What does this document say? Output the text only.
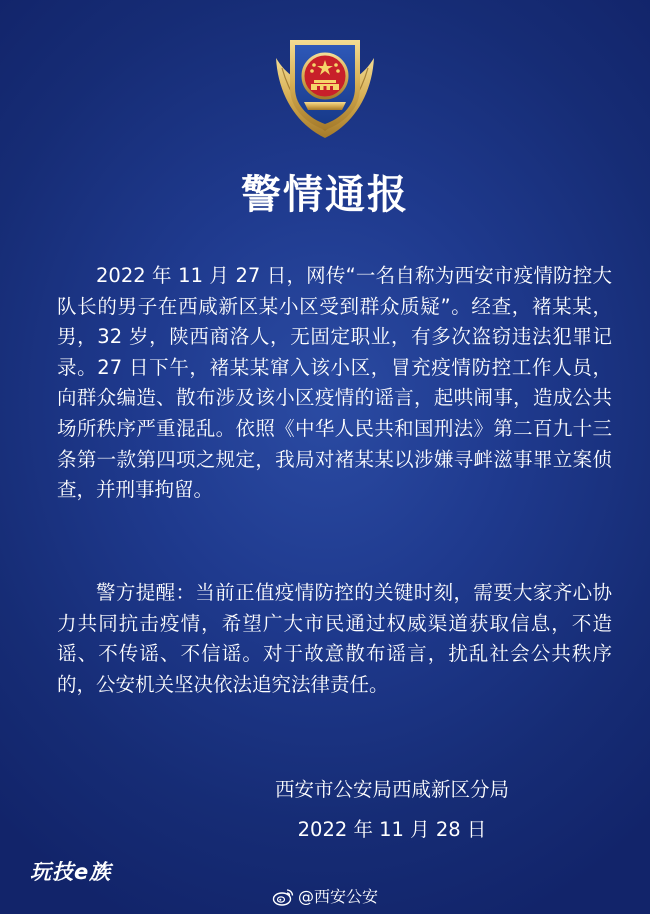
警情通报

2022 年 11 月 27 日，网传“一名自称为西安市疫情防控大队长的男子在西咸新区某小区受到群众质疑”。经查，褚某某，男，32 岁，陕西商洛人，无固定职业，有多次盗窃违法犯罪记录。27 日下午，褚某某窜入该小区，冒充疫情防控工作人员，向群众编造、散布涉及该小区疫情的谣言，起哄闹事，造成公共场所秩序严重混乱。依照《中华人民共和国刑法》第二百九十三条第一款第四项之规定，我局对褚某某以涉嫌寻衅滋事罪立案侦查，并刑事拘留。

警方提醒：当前正值疫情防控的关键时刻，需要大家齐心协力共同抗击疫情，希望广大市民通过权威渠道获取信息，不造谣、不传谣、不信谣。对于故意散布谣言，扰乱社会公共秩序的，公安机关坚决依法追究法律责任。

西安市公安局西咸新区分局
2022 年 11 月 28 日
玩技e族
@西安公安
